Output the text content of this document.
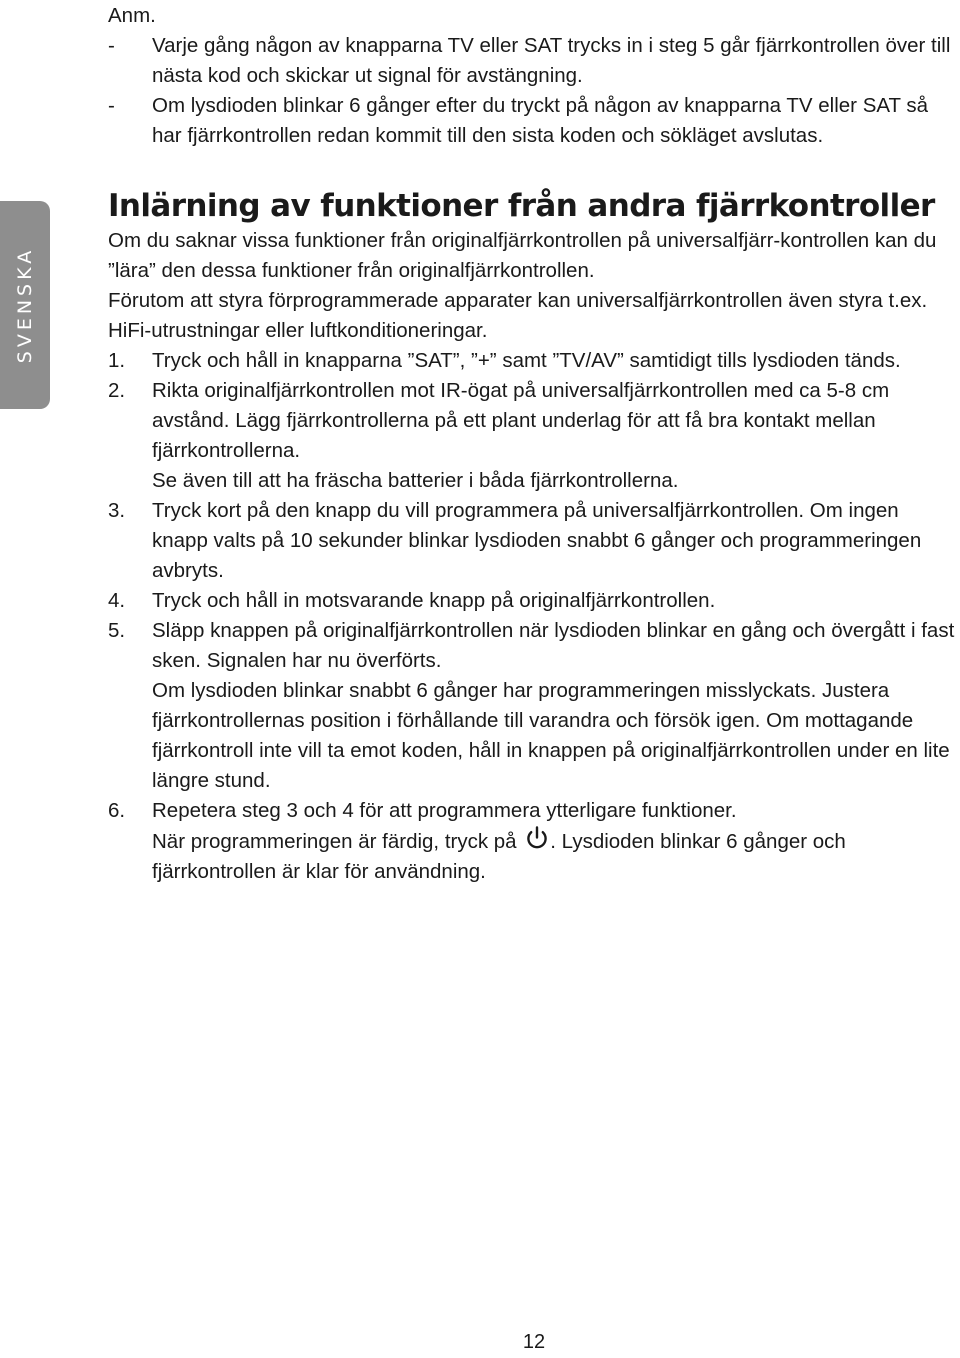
SVENSKA
Anm.
-	Varje gång någon av knapparna TV eller SAT trycks in i steg 5 går fjärrkontrollen över till nästa kod och skickar ut signal för avstängning.
-	Om lysdioden blinkar 6 gånger efter du tryckt på någon av knapparna TV eller SAT så har fjärrkontrollen redan kommit till den sista koden och sökläget avslutas.
Inlärning av funktioner från andra fjärrkontroller
Om du saknar vissa funktioner från originalfjärrkontrollen på universalfjärr-kontrollen kan du ”lära” den dessa funktioner från originalfjärrkontrollen.
Förutom att styra förprogrammerade apparater kan universalfjärrkontrollen även styra t.ex. HiFi-utrustningar eller luftkonditioneringar.
1.	Tryck och håll in knapparna ”SAT”, ”+” samt ”TV/AV” samtidigt tills lysdioden tänds.

2.	Rikta originalfjärrkontrollen mot IR-ögat på universalfjärrkontrollen med ca 5-8 cm avstånd. Lägg fjärrkontrollerna på ett plant underlag för att få bra kontakt mellan fjärrkontrollerna.

Se även till att ha fräscha batterier i båda fjärrkontrollerna.

3.	Tryck kort på den knapp du vill programmera på universalfjärrkontrollen. Om ingen knapp valts på 10 sekunder blinkar lysdioden snabbt 6 gånger och programmeringen avbryts.

4.	Tryck och håll in motsvarande knapp på originalfjärrkontrollen.

5.	Släpp knappen på originalfjärrkontrollen när lysdioden blinkar en gång och övergått i fast sken. Signalen har nu överförts.

Om lysdioden blinkar snabbt 6 gånger har programmeringen misslyckats. Justera fjärrkontrollernas position i förhållande till varandra och försök igen. Om mottagande fjärrkontroll inte vill ta emot koden, håll in knappen på originalfjärrkontrollen under en lite längre stund.

6.	Repetera steg 3 och 4 för att programmera ytterligare funktioner.

När programmeringen är färdig, tryck på . Lysdioden blinkar 6 gånger och fjärrkontrollen är klar för användning.

12
